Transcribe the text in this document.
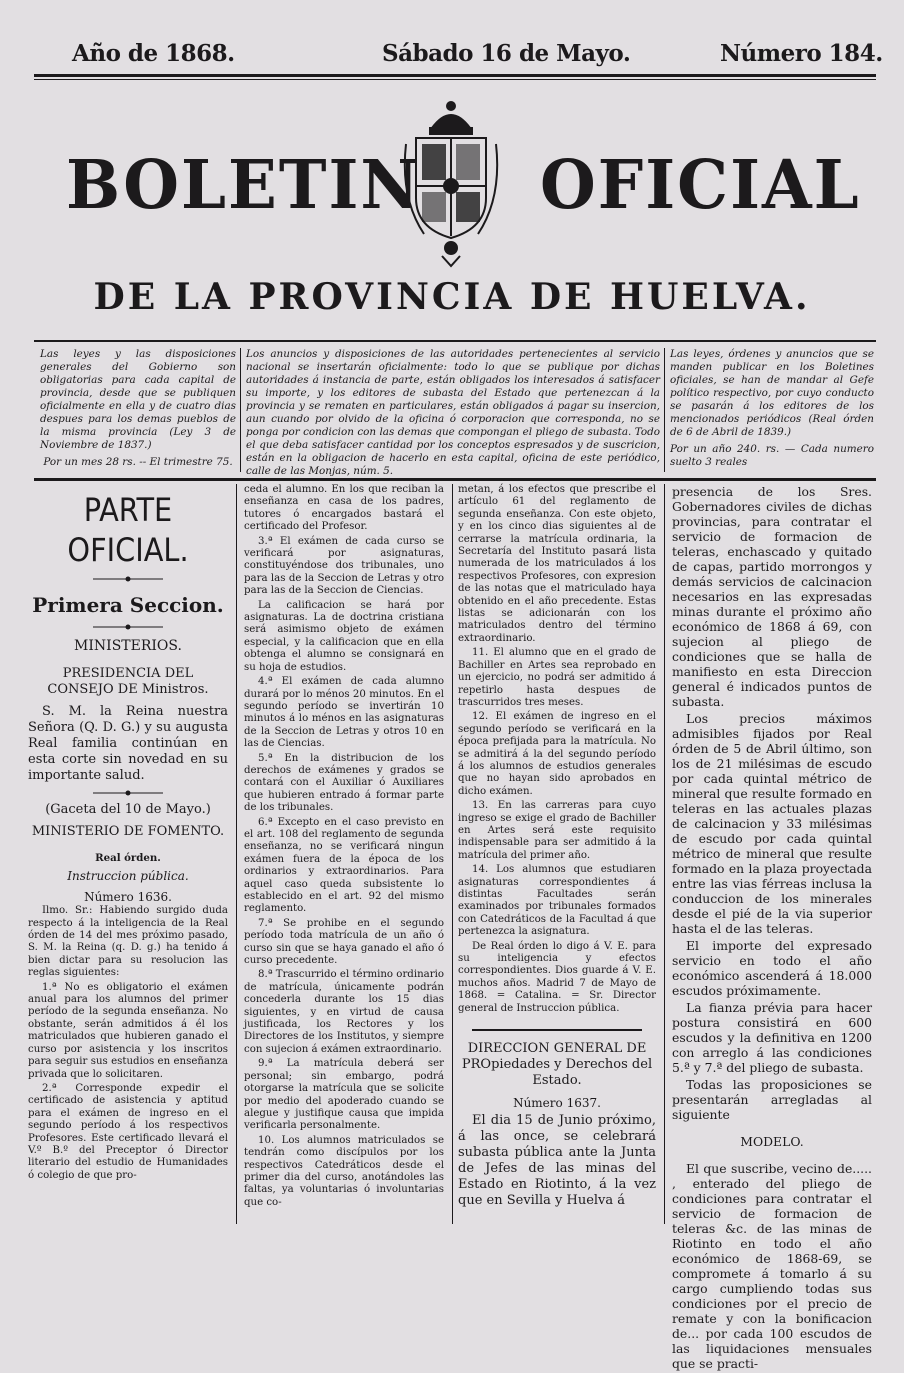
Año de 1868.	Sábado 16 de Mayo.	Número 184.
BOLETIN OFICIAL
DE LA PROVINCIA DE HUELVA.
Las leyes y las disposiciones generales del Gobierno son obligatorias para cada capital de provincia, desde que se publiquen oficialmente en ella y de cuatro dias despues para los demas pueblos de la misma provincia (Ley 3 de Noviembre de 1837.)
Por un mes 28 rs. -- El trimestre 75.
Los anuncios y disposiciones de las autoridades pertenecientes al servicio nacional se insertarán oficialmente: todo lo que se publique por dichas autoridades á instancia de parte, están obligados los interesados á satisfacer su importe, y los editores de subasta del Estado que pertenezcan á la provincia y se rematen en particulares, están obligados á pagar su insercion, aun cuando por olvido de la oficina ó corporacion que corresponda, no se ponga por condicion con las demas que compongan el pliego de subasta. Todo el que deba satisfacer cantidad por los conceptos espresados y de suscricion, están en la obligacion de hacerlo en esta capital, oficina de este periódico, calle de las Monjas, núm. 5.
Las leyes, órdenes y anuncios que se manden publicar en los Boletines oficiales, se han de mandar al Gefe político respectivo, por cuyo conducto se pasarán á los editores de los mencionados periódicos (Real órden de 6 de Abril de 1839.)
Por un año 240. rs. — Cada numero suelto 3 reales
PARTE OFICIAL.
Primera Seccion.
MINISTERIOS.
PRESIDENCIA DEL CONSEJO DE Ministros.

S. M. la Reina nuestra Señora (Q. D. G.) y su augusta Real familia continúan en esta corte sin novedad en su importante salud.

(Gaceta del 10 de Mayo.)
MINISTERIO DE FOMENTO.
Real órden.
Instruccion pública.
Número 1636.

Ilmo. Sr.: Habiendo surgido duda respecto á la inteligencia de la Real órden de 14 del mes próximo pasado, S. M. la Reina (q. D. g.) ha tenido á bien dictar para su resolucion las reglas siguientes:

1.ª No es obligatorio el exámen anual para los alumnos del primer período de la segunda enseñanza. No obstante, serán admitidos á él los matriculados que hubieren ganado el curso por asistencia y los inscritos para seguir sus estudios en enseñanza privada que lo solicitaren.

2.ª Corresponde expedir el certificado de asistencia y aptitud para el exámen de ingreso en el segundo período á los respectivos Profesores. Este certificado llevará el V.º B.º del Preceptor ó Director literario del estudio de Humanidades ó colegio de que pro-

ceda el alumno. En los que reciban la enseñanza en casa de los padres, tutores ó encargados bastará el certificado del Profesor.

3.ª El exámen de cada curso se verificará por asignaturas, constituyéndose dos tribunales, uno para las de la Seccion de Letras y otro para las de la Seccion de Ciencias.

La calificacion se hará por asignaturas. La de doctrina cristiana será asimismo objeto de exámen especial, y la calificacion que en ella obtenga el alumno se consignará en su hoja de estudios.

4.ª El exámen de cada alumno durará por lo ménos 20 minutos. En el segundo período se invertirán 10 minutos á lo ménos en las asignaturas de la Seccion de Letras y otros 10 en las de Ciencias.

5.ª En la distribucion de los derechos de exámenes y grados se contará con el Auxiliar ó Auxiliares que hubieren entrado á formar parte de los tribunales.

6.ª Excepto en el caso previsto en el art. 108 del reglamento de segunda enseñanza, no se verificará ningun exámen fuera de la época de los ordinarios y extraordinarios. Para aquel caso queda subsistente lo establecido en el art. 92 del mismo reglamento.

7.ª Se prohibe en el segundo período toda matrícula de un año ó curso sin que se haya ganado el año ó curso precedente.

8.ª Trascurrido el término ordinario de matrícula, únicamente podrán concederla durante los 15 dias siguientes, y en virtud de causa justificada, los Rectores y los Directores de los Institutos, y siempre con sujecion á exámen extraordinario.

9.ª La matrícula deberá ser personal; sin embargo, podrá otorgarse la matrícula que se solicite por medio del apoderado cuando se alegue y justifique causa que impida verificarla personalmente.

10. Los alumnos matriculados se tendrán como discípulos por los respectivos Catedráticos desde el primer dia del curso, anotándoles las faltas, ya voluntarias ó involuntarias que co-

metan, á los efectos que prescribe el artículo 61 del reglamento de segunda enseñanza. Con este objeto, y en los cinco dias siguientes al de cerrarse la matrícula ordinaria, la Secretaría del Instituto pasará lista numerada de los matriculados á los respectivos Profesores, con expresion de las notas que el matriculado haya obtenido en el año precedente. Estas listas se adicionarán con los matriculados dentro del término extraordinario.

11. El alumno que en el grado de Bachiller en Artes sea reprobado en un ejercicio, no podrá ser admitido á repetirlo hasta despues de trascurridos tres meses.

12. El exámen de ingreso en el segundo período se verificará en la época prefijada para la matrícula. No se admitirá á la del segundo período á los alumnos de estudios generales que no hayan sido aprobados en dicho exámen.

13. En las carreras para cuyo ingreso se exige el grado de Bachiller en Artes será este requisito indispensable para ser admitido á la matrícula del primer año.

14. Los alumnos que estudiaren asignaturas correspondientes á distintas Facultades serán examinados por tribunales formados con Catedráticos de la Facultad á que pertenezca la asignatura.

De Real órden lo digo á V. E. para su inteligencia y efectos correspondientes. Dios guarde á V. E. muchos años. Madrid 7 de Mayo de 1868. = Catalina. = Sr. Director general de Instruccion pública.

DIRECCION GENERAL DE PROpiedades y Derechos del Estado.
Número 1637.

El dia 15 de Junio próximo, á las once, se celebrará subasta pública ante la Junta de Jefes de las minas del Estado en Riotinto, á la vez que en Sevilla y Huelva á

presencia de los Sres. Gobernadores civiles de dichas provincias, para contratar el servicio de formacion de teleras, enchascado y quitado de capas, partido morrongos y demás servicios de calcinacion necesarios en las expresadas minas durante el próximo año económico de 1868 á 69, con sujecion al pliego de condiciones que se halla de manifiesto en esta Direccion general é indicados puntos de subasta.

Los precios máximos admisibles fijados por Real órden de 5 de Abril último, son los de 21 milésimas de escudo por cada quintal métrico de mineral que resulte formado en teleras en las actuales plazas de calcinacion y 33 milésimas de escudo por cada quintal métrico de mineral que resulte formado en la plaza proyectada entre las vias férreas inclusa la conduccion de los minerales desde el pié de la via superior hasta el de las teleras.

El importe del expresado servicio en todo el año económico ascenderá á 18.000 escudos próximamente.

La fianza prévia para hacer postura consistirá en 600 escudos y la definitiva en 1200 con arreglo á las condiciones 5.ª y 7.ª del pliego de subasta.

Todas las proposiciones se presentarán arregladas al siguiente

MODELO.

El que suscribe, vecino de..... , enterado del pliego de condiciones para contratar el servicio de formacion de teleras &c. de las minas de Riotinto en todo el año económico de 1868-69, se compromete á tomarlo á su cargo cumpliendo todas sus condiciones por el precio de remate y con la bonificacion de... por cada 100 escudos de las liquidaciones mensuales que se practi-
